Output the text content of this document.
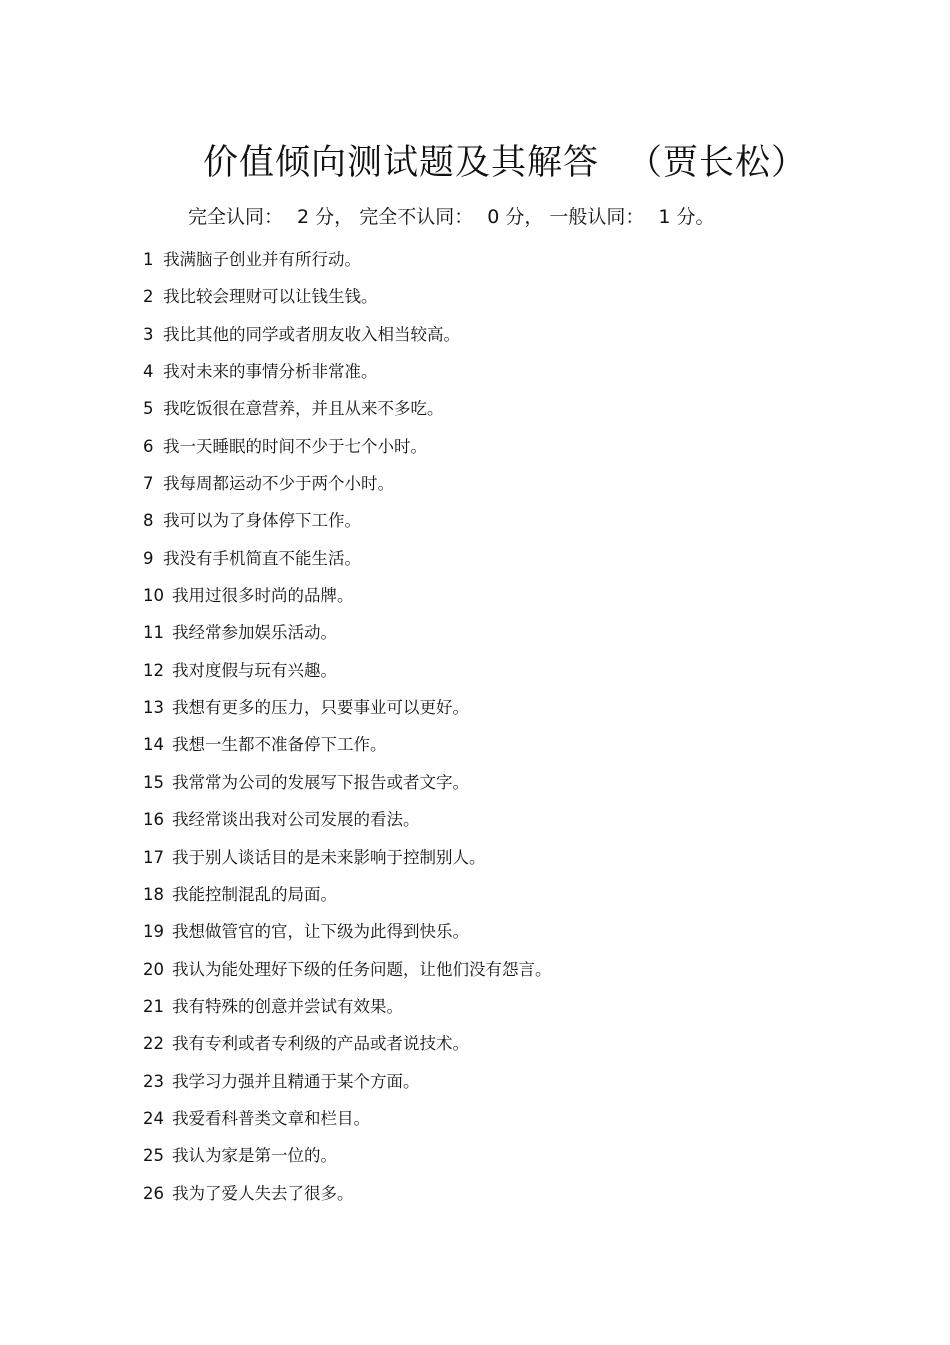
价值倾向测试题及其解答 （贾长松）
完全认同： 2 分， 完全不认同： 0 分， 一般认同： 1 分。
1 我满脑子创业并有所行动。
2 我比较会理财可以让钱生钱。
3 我比其他的同学或者朋友收入相当较高。
4 我对未来的事情分析非常准。
5 我吃饭很在意营养，并且从来不多吃。
6 我一天睡眠的时间不少于七个小时。
7 我每周都运动不少于两个小时。
8 我可以为了身体停下工作。
9 我没有手机简直不能生活。
10 我用过很多时尚的品牌。
11 我经常参加娱乐活动。
12 我对度假与玩有兴趣。
13 我想有更多的压力，只要事业可以更好。
14 我想一生都不准备停下工作。
15 我常常为公司的发展写下报告或者文字。
16 我经常谈出我对公司发展的看法。
17 我于别人谈话目的是未来影响于控制别人。
18 我能控制混乱的局面。
19 我想做管官的官，让下级为此得到快乐。
20 我认为能处理好下级的任务问题，让他们没有怨言。
21 我有特殊的创意并尝试有效果。
22 我有专利或者专利级的产品或者说技术。
23 我学习力强并且精通于某个方面。
24 我爱看科普类文章和栏目。
25 我认为家是第一位的。
26 我为了爱人失去了很多。
